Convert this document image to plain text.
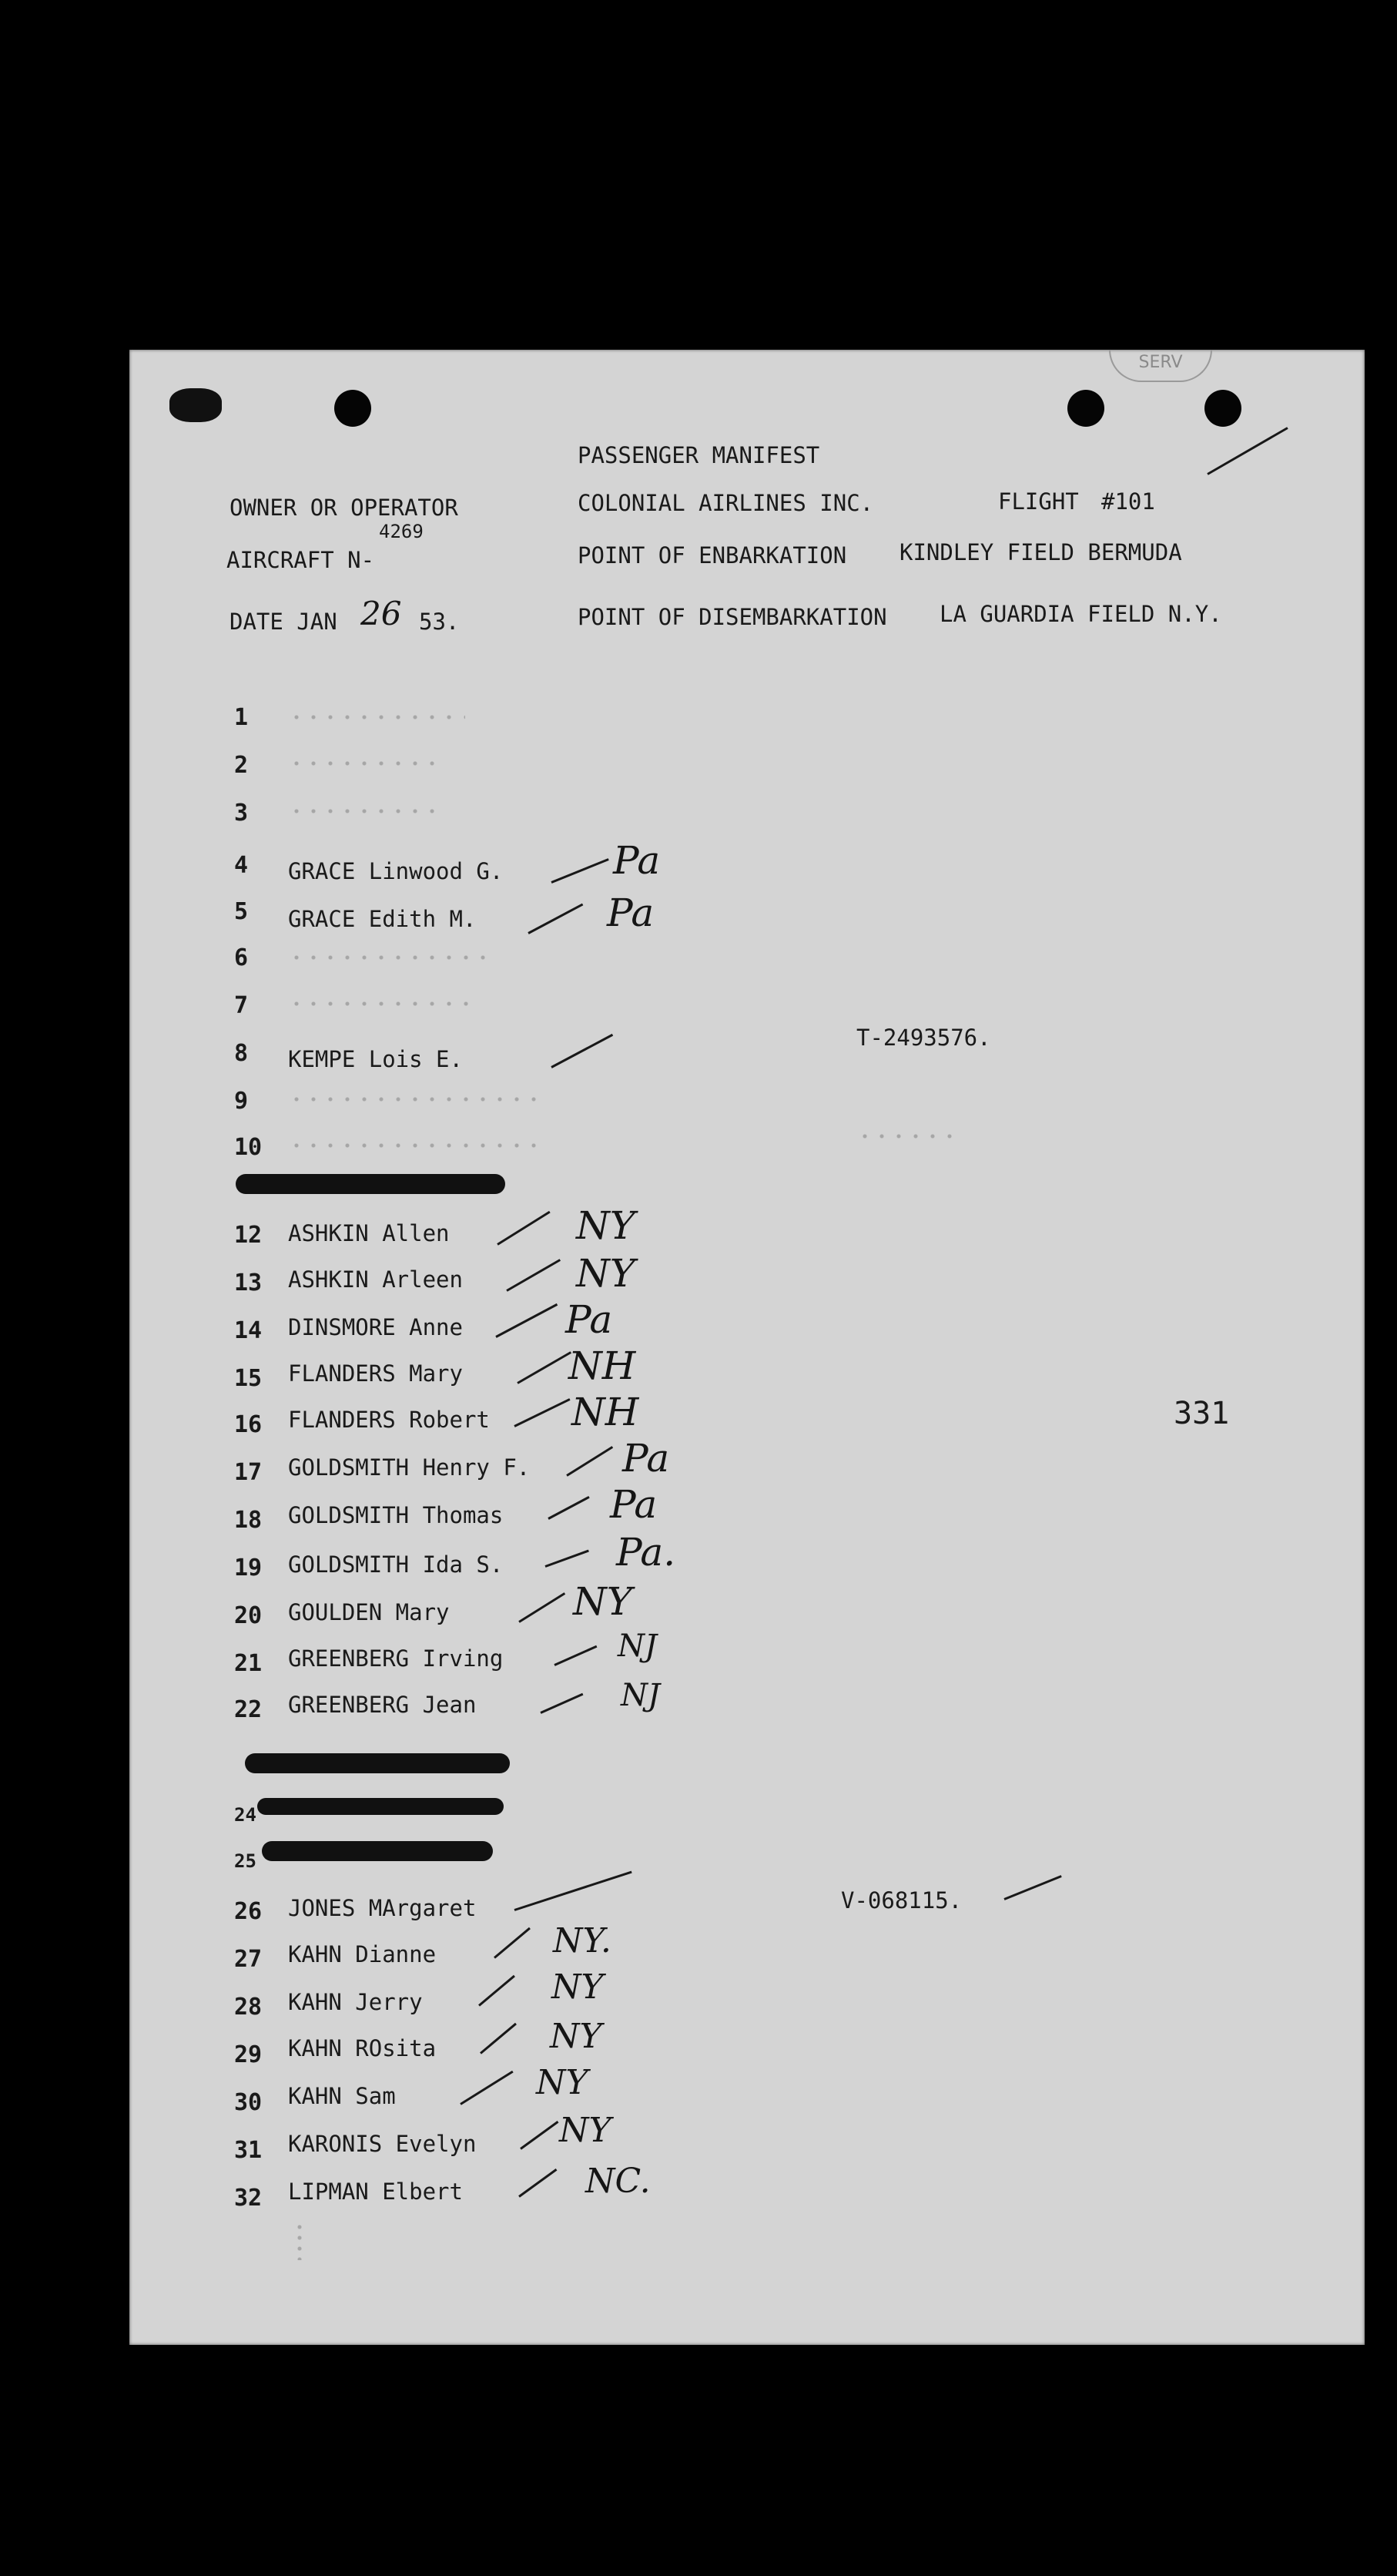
SERV
PASSENGER MANIFEST
OWNER OR OPERATOR	COLONIAL AIRLINES INC.	FLIGHT #101
4269
AIRCRAFT N-	POINT OF ENBARKATION KINDLEY FIELD BERMUDA
DATE JAN 26 53.	POINT OF DISEMBARKATION LA GUARDIA FIELD N.Y.
331
1
2
3
4 GRACE Linwood G.	Pa
5 GRACE Edith M.	Pa
6
7
8 KEMPE Lois E.
T-2493576.
9
10
12 ASHKIN Allen	NY
13 ASHKIN Arleen	NY
14 DINSMORE Anne	Pa
15 FLANDERS Mary	NH
16 FLANDERS Robert NH
17 GOLDSMITH Henry F. Pa
18 GOLDSMITH Thomas	Pa
19 GOLDSMITH Ida S.	Pa.
20 GOULDEN Mary	NY
21 GREENBERG Irving	NJ
22 GREENBERG Jean	NJ
24
25
26 JONES MArgaret	V-068115.
27 KAHN Dianne	NY.
28 KAHN Jerry	NY
29 KAHN ROsita	NY
30 KAHN Sam	NY
31 KARONIS Evelyn NY
32 LIPMAN Elbert	NC.
